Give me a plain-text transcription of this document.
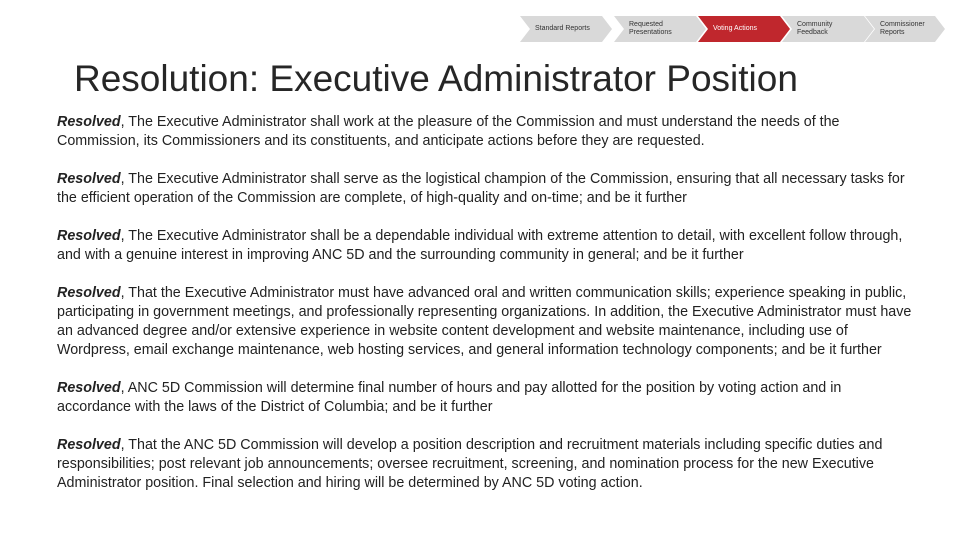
Standard Reports
Requested Presentations
Voting Actions
Community Feedback
Commissioner Reports
Resolution: Executive Administrator Position

Resolved, The Executive Administrator shall work at the pleasure of the Commission and must understand the needs of the Commission, its Commissioners and its constituents, and anticipate actions before they are requested.

Resolved, The Executive Administrator shall serve as the logistical champion of the Commission, ensuring that all necessary tasks for the efficient operation of the Commission are complete, of high-quality and on-time; and be it further

Resolved, The Executive Administrator shall be a dependable individual with extreme attention to detail, with excellent follow through, and with a genuine interest in improving ANC 5D and the surrounding community in general; and be it further

Resolved, That the Executive Administrator must have advanced oral and written communication skills; experience speaking in public, participating in government meetings, and professionally representing organizations. In addition, the Executive Administrator must have an advanced degree and/or extensive experience in website content development and website maintenance, including use of Wordpress, email exchange maintenance, web hosting services, and general information technology components; and be it further

Resolved, ANC 5D Commission will determine final number of hours and pay allotted for the position by voting action and in accordance with the laws of the District of Columbia; and be it further

Resolved, That the ANC 5D Commission will develop a position description and recruitment materials including specific duties and responsibilities; post relevant job announcements; oversee recruitment, screening, and nomination process for the new Executive Administrator position. Final selection and hiring will be determined by ANC 5D voting action.
